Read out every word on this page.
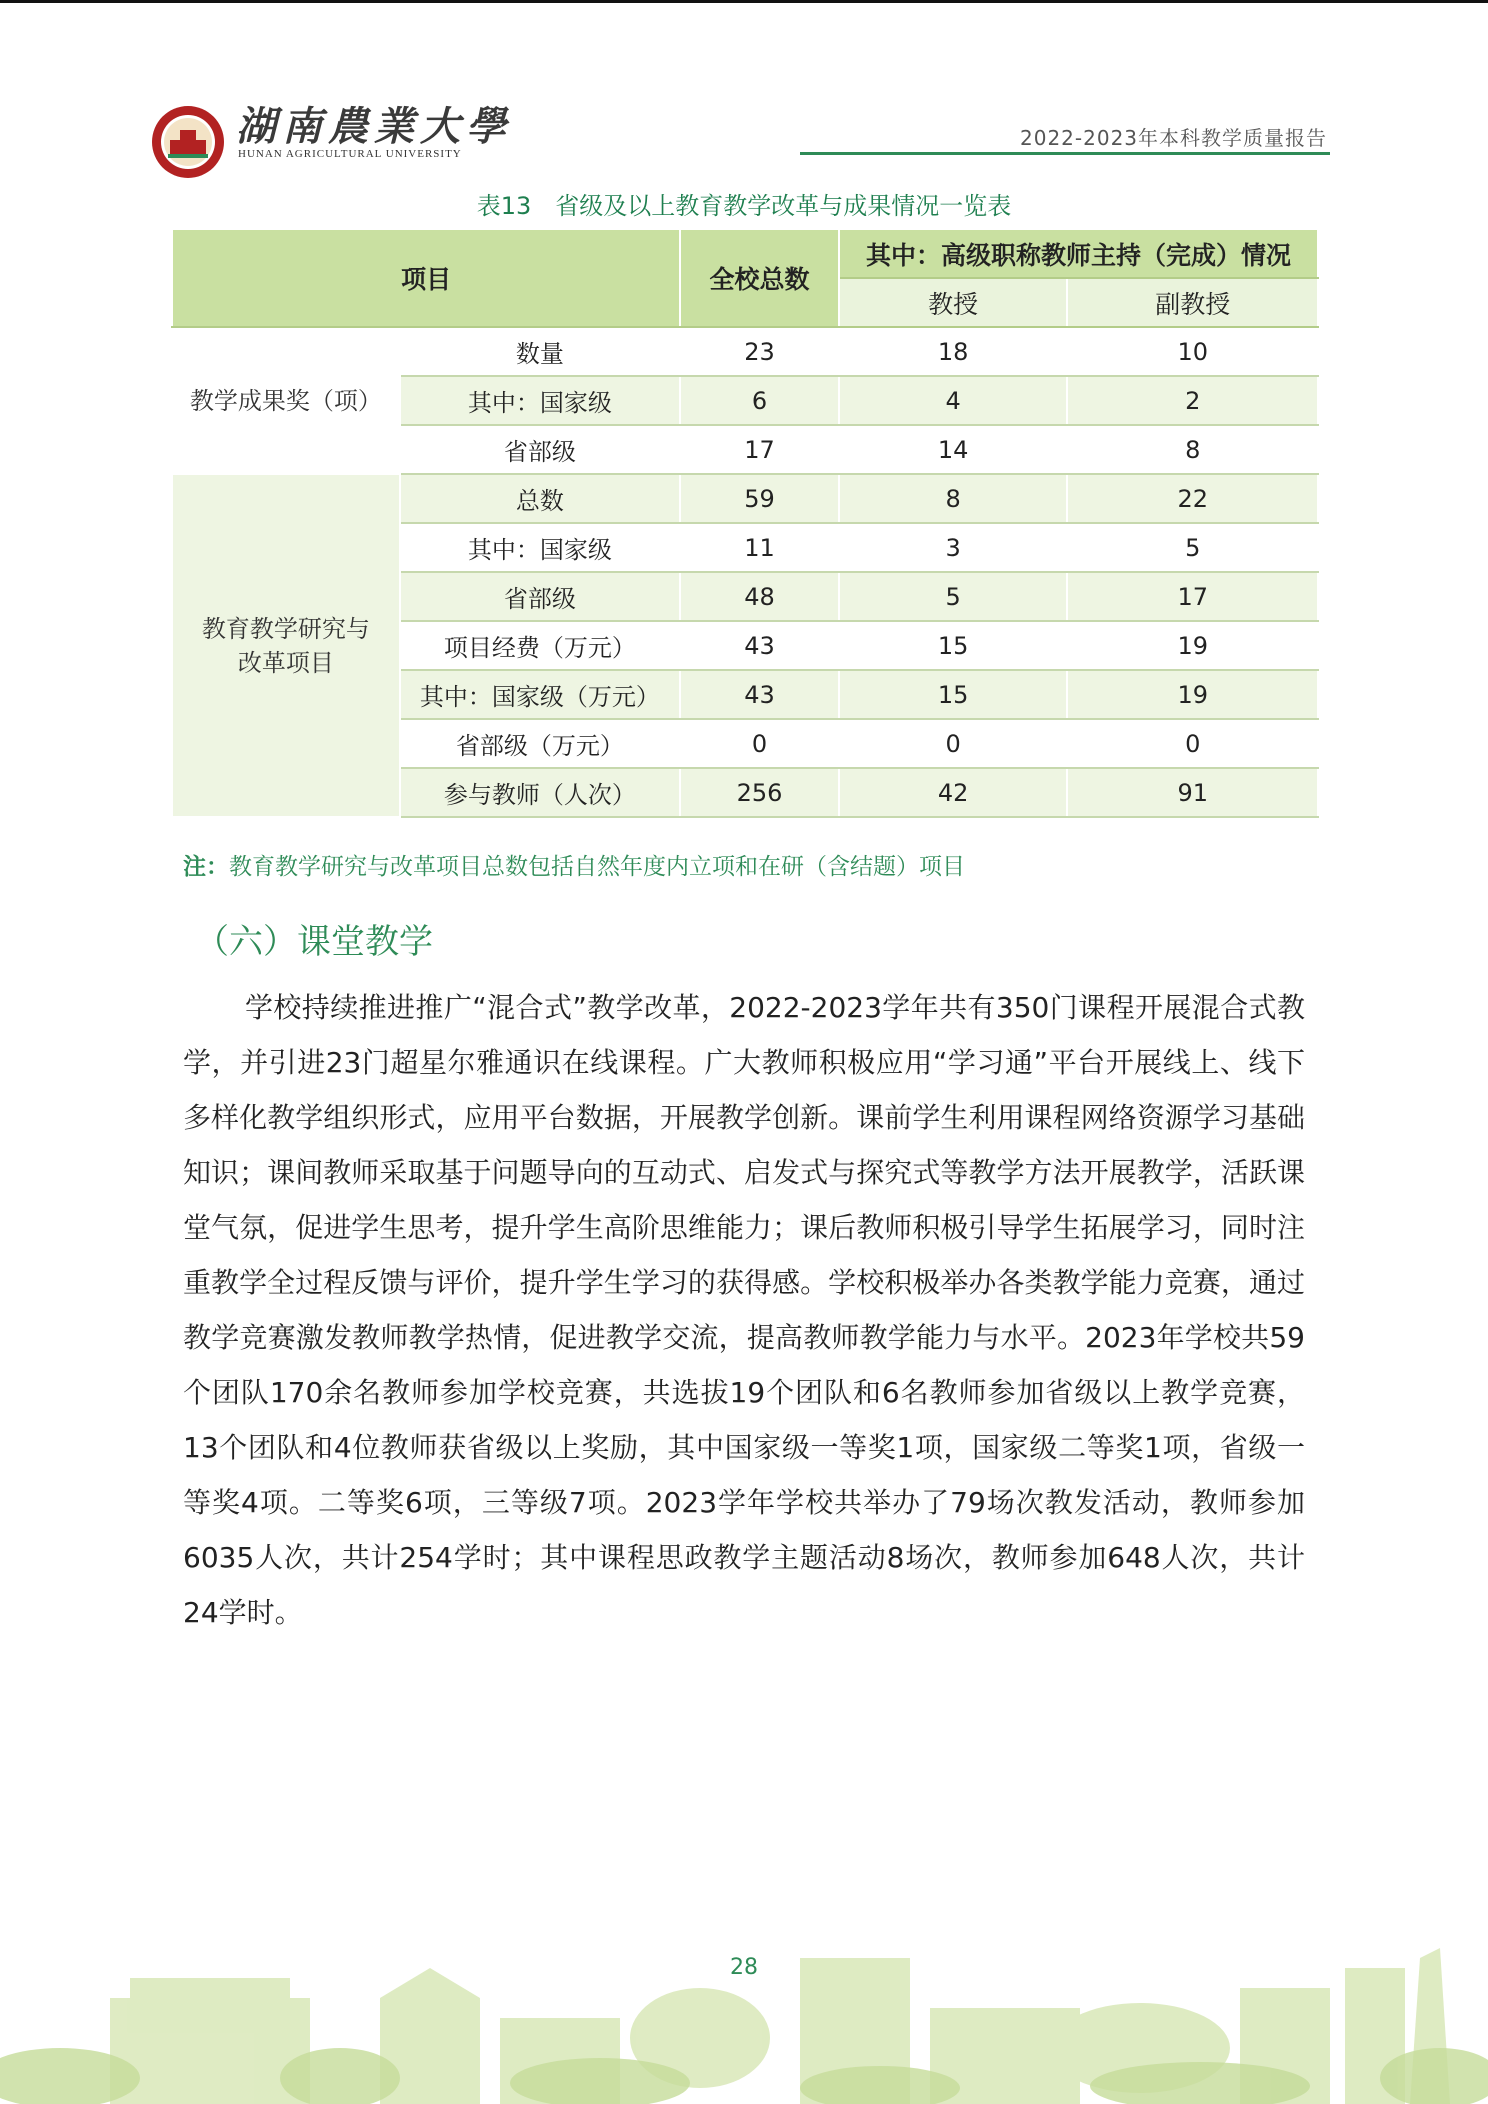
湖南農業大學
HUNAN AGRICULTURAL UNIVERSITY
2022-2023年本科教学质量报告
表13　省级及以上教育教学改革与成果情况一览表
项目		全校总数	其中：高级职称教师主持（完成）情况	
			教授	副教授
教学成果奖（项）	数量	23	18	10
	其中：国家级	6	4	2
	省部级	17	14	8
教育教学研究与
改革项目	总数	59	8	22
	其中：国家级	11	3	5
	省部级	48	5	17
	项目经费（万元）	43	15	19
	其中：国家级（万元）	43	15	19
	省部级（万元）	0	0	0
	参与教师（人次）	256	42	91
注：教育教学研究与改革项目总数包括自然年度内立项和在研（含结题）项目
（六）课堂教学

学校持续推进推广“混合式”教学改革，2022-2023学年共有350门课程开展混合式教学，并引进23门超星尔雅通识在线课程。广大教师积极应用“学习通”平台开展线上、线下多样化教学组织形式，应用平台数据，开展教学创新。课前学生利用课程网络资源学习基础知识；课间教师采取基于问题导向的互动式、启发式与探究式等教学方法开展教学，活跃课堂气氛，促进学生思考，提升学生高阶思维能力；课后教师积极引导学生拓展学习，同时注重教学全过程反馈与评价，提升学生学习的获得感。学校积极举办各类教学能力竞赛，通过教学竞赛激发教师教学热情，促进教学交流，提高教师教学能力与水平。2023年学校共59个团队170余名教师参加学校竞赛，共选拔19个团队和6名教师参加省级以上教学竞赛，13个团队和4位教师获省级以上奖励，其中国家级一等奖1项，国家级二等奖1项，省级一等奖4项。二等奖6项，三等级7项。2023学年学校共举办了79场次教发活动，教师参加6035人次，共计254学时；其中课程思政教学主题活动8场次，教师参加648人次，共计24学时。

28
